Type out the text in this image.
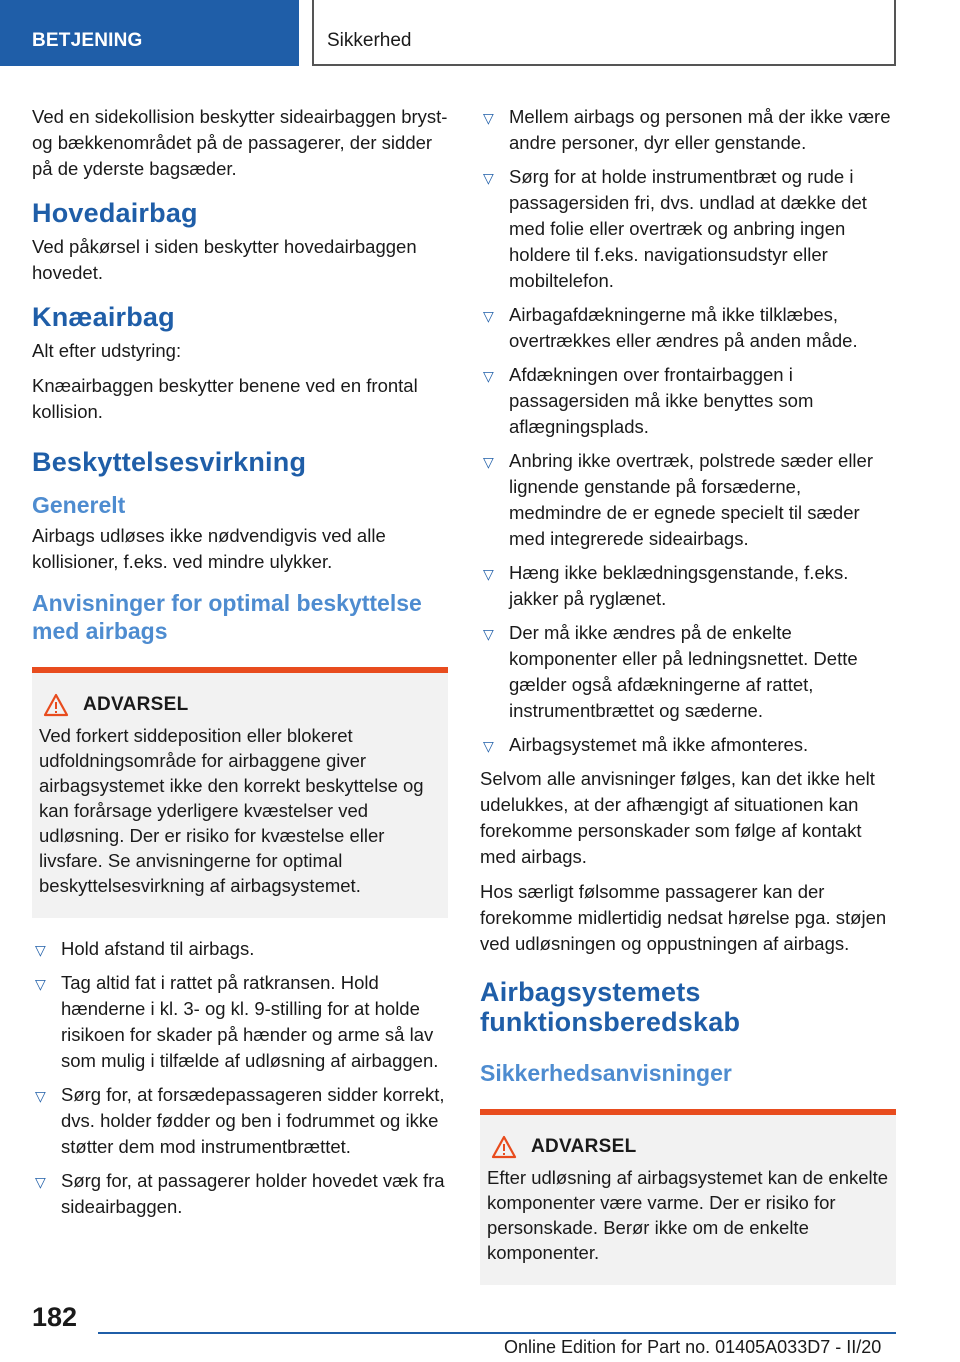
BETJENING	Sikkerhed

Ved en sidekollision beskytter sideairbaggen bryst- og bækkenområdet på de passagerer, der sidder på de yderste bagsæder.

Hovedairbag

Ved påkørsel i siden beskytter hovedairbaggen hovedet.

Knæairbag

Alt efter udstyring:

Knæairbaggen beskytter benene ved en frontal kollision.

Beskyttelsesvirkning
Generelt

Airbags udløses ikke nødvendigvis ved alle kollisioner, f.eks. ved mindre ulykker.

Anvisninger for optimal beskyttelse med airbags
ADVARSEL

Ved forkert siddeposition eller blokeret udfoldningsområde for airbaggene giver airbagsystemet ikke den korrekt beskyttelse og kan forårsage yderligere kvæstelser ved udløsning. Der er risiko for kvæstelse eller livsfare. Se anvisningerne for optimal beskyttelsesvirkning af airbagsystemet.

▽ Hold afstand til airbags.
▽ Tag altid fat i rattet på ratkransen. Hold hænderne i kl. 3- og kl. 9-stilling for at holde risikoen for skader på hænder og arme så lav som mulig i tilfælde af udløsning af airbaggen.
▽ Sørg for, at forsædepassageren sidder korrekt, dvs. holder fødder og ben i fodrummet og ikke støtter dem mod instrumentbrættet.
▽ Sørg for, at passagerer holder hovedet væk fra sideairbaggen.
▽ Mellem airbags og personen må der ikke være andre personer, dyr eller genstande.
▽ Sørg for at holde instrumentbræt og rude i passagersiden fri, dvs. undlad at dække det med folie eller overtræk og anbring ingen holdere til f.eks. navigationsudstyr eller mobiltelefon.
▽ Airbagafdækningerne må ikke tilklæbes, overtrækkes eller ændres på anden måde.
▽ Afdækningen over frontairbaggen i passagersiden må ikke benyttes som aflægningsplads.
▽ Anbring ikke overtræk, polstrede sæder eller lignende genstande på forsæderne, medmindre de er egnede specielt til sæder med integrerede sideairbags.
▽ Hæng ikke beklædningsgenstande, f.eks. jakker på ryglænet.
▽ Der må ikke ændres på de enkelte komponenter eller på ledningsnettet. Dette gælder også afdækningerne af rattet, instrumentbrættet og sæderne.
▽ Airbagsystemet må ikke afmonteres.

Selvom alle anvisninger følges, kan det ikke helt udelukkes, at der afhængigt af situationen kan forekomme personskader som følge af kontakt med airbags.

Hos særligt følsomme passagerer kan der forekomme midlertidig nedsat hørelse pga. støjen ved udløsningen og oppustningen af airbags.

Airbagsystemets funktionsberedskab
Sikkerhedsanvisninger
ADVARSEL

Efter udløsning af airbagsystemet kan de enkelte komponenter være varme. Der er risiko for personskade. Berør ikke om de enkelte komponenter.

182
Online Edition for Part no. 01405A033D7 - II/20
